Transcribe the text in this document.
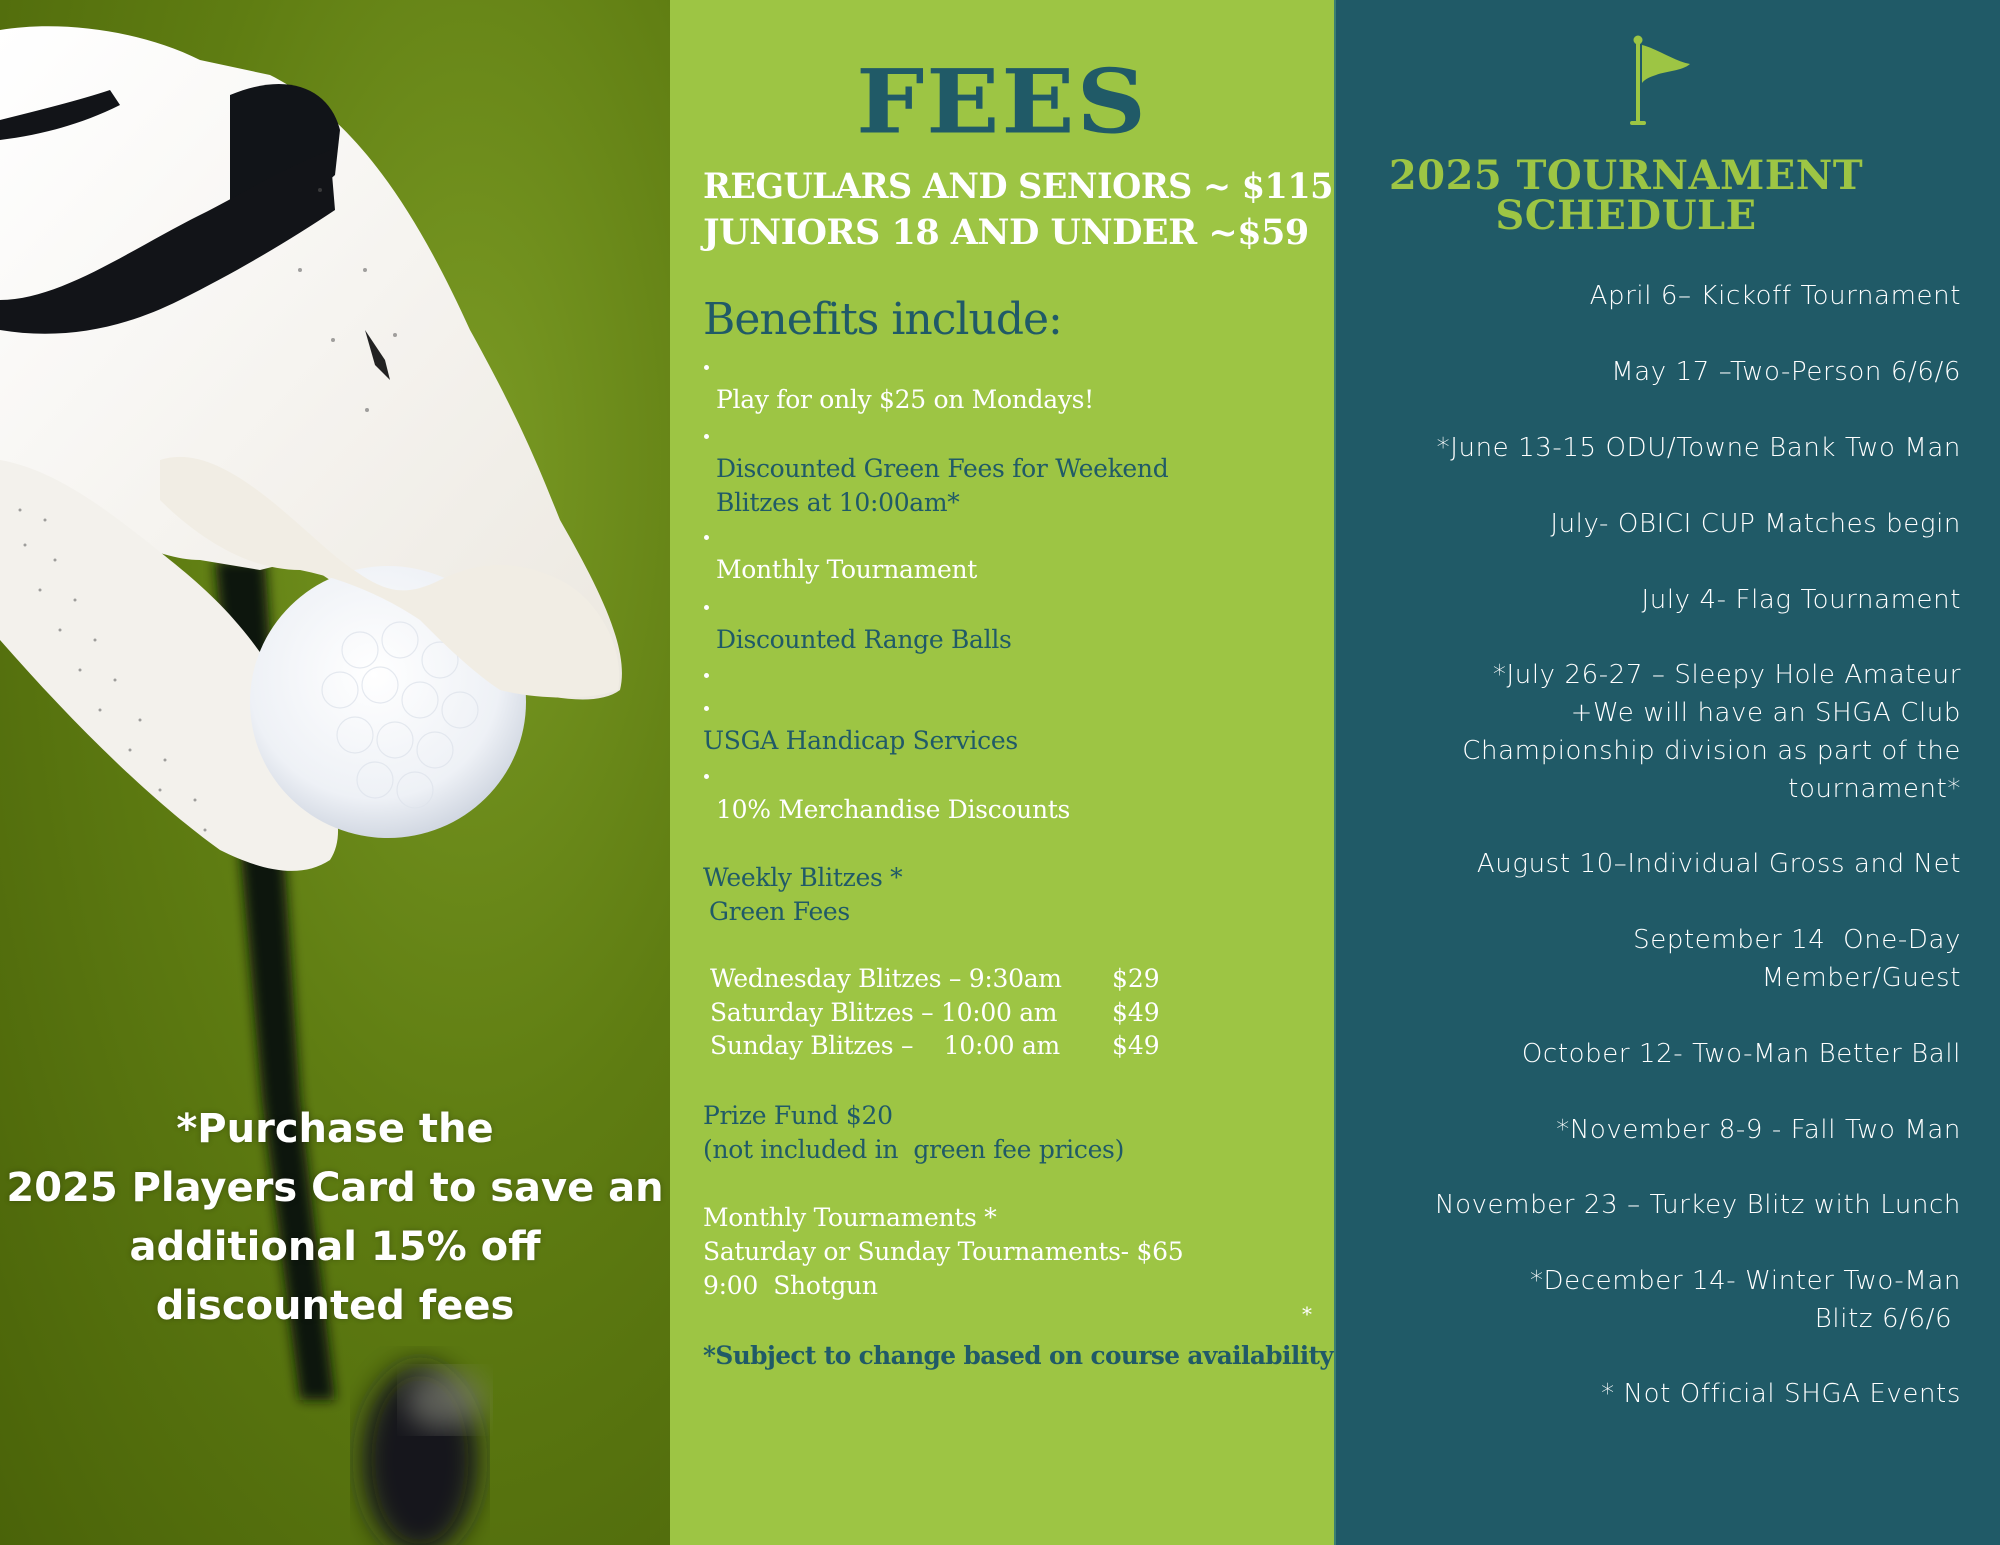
*Purchase the
2025 Players Card to save an
additional 15% off
discounted fees
FEES
REGULARS AND SENIORS ~ $115
JUNIORS 18 AND UNDER ~$59
Benefits include:
Play for only $25 on Mondays!
Discounted Green Fees for Weekend
Blitzes at 10:00am*
Monthly Tournament
Discounted Range Balls
USGA Handicap Services
10% Merchandise Discounts
Weekly Blitzes *
Green Fees
Wednesday Blitzes – 9:30am $29
Saturday Blitzes – 10:00 am $49
Sunday Blitzes –    10:00 am $49
Prize Fund $20
(not included in  green fee prices)
Monthly Tournaments *
Saturday or Sunday Tournaments- $65
9:00  Shotgun
*
*Subject to change based on course availability
2025 TOURNAMENT
SCHEDULE
April 6– Kickoff Tournament
May 17 –Two-Person 6/6/6
*June 13-15 ODU/Towne Bank Two Man
July- OBICI CUP Matches begin
July 4- Flag Tournament
*July 26-27 – Sleepy Hole Amateur
+We will have an SHGA Club
Championship division as part of the
tournament*
August 10–Individual Gross and Net
September 14  One-Day
Member/Guest
October 12- Two-Man Better Ball
*November 8-9 - Fall Two Man
November 23 – Turkey Blitz with Lunch
*December 14- Winter Two-Man
Blitz 6/6/6
* Not Official SHGA Events
